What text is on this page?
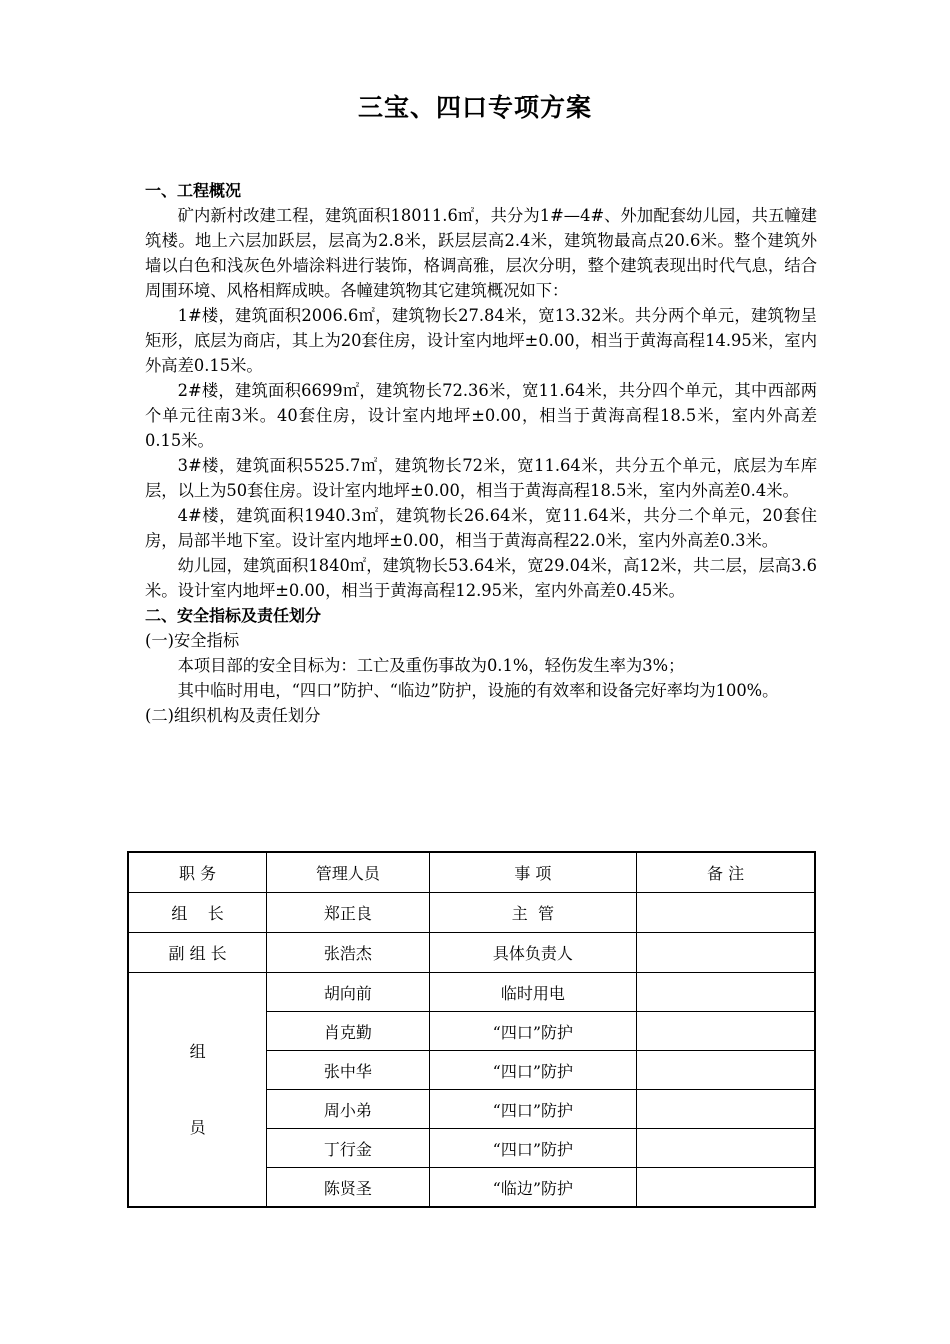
三宝、四口专项方案

一、工程概况

矿内新村改建工程，建筑面积18011.6㎡，共分为1#—4#、外加配套幼儿园，共五幢建筑楼。地上六层加跃层，层高为2.8米，跃层层高2.4米，建筑物最高点20.6米。整个建筑外墙以白色和浅灰色外墙涂料进行装饰，格调高雅，层次分明，整个建筑表现出时代气息，结合周围环境、风格相辉成映。各幢建筑物其它建筑概况如下：

1#楼，建筑面积2006.6㎡，建筑物长27.84米，宽13.32米。共分两个单元，建筑物呈矩形，底层为商店，其上为20套住房，设计室内地坪±0.00，相当于黄海高程14.95米，室内外高差0.15米。

2#楼，建筑面积6699㎡，建筑物长72.36米，宽11.64米，共分四个单元，其中西部两个单元往南3米。40套住房，设计室内地坪±0.00，相当于黄海高程18.5米，室内外高差0.15米。

3#楼，建筑面积5525.7㎡，建筑物长72米，宽11.64米，共分五个单元，底层为车库层，以上为50套住房。设计室内地坪±0.00，相当于黄海高程18.5米，室内外高差0.4米。

4#楼，建筑面积1940.3㎡，建筑物长26.64米，宽11.64米，共分二个单元，20套住房，局部半地下室。设计室内地坪±0.00，相当于黄海高程22.0米，室内外高差0.3米。

幼儿园，建筑面积1840㎡，建筑物长53.64米，宽29.04米，高12米，共二层，层高3.6米。设计室内地坪±0.00，相当于黄海高程12.95米，室内外高差0.45米。

二、安全指标及责任划分

(一)安全指标

本项目部的安全目标为：工亡及重伤事故为0.1%，轻伤发生率为3%；

其中临时用电，“四口”防护、“临边”防护，设施的有效率和设备完好率均为100%。

(二)组织机构及责任划分

职 务	管理人员	事 项	备 注
组    长	郑正良	主  管	
副 组 长	张浩杰	具体负责人	

组
员	胡向前	临时用电	
	肖克勤	“四口”防护	
	张中华	“四口”防护	
	周小弟	“四口”防护	
	丁行金	“四口”防护	
	陈贤圣	“临边”防护	
